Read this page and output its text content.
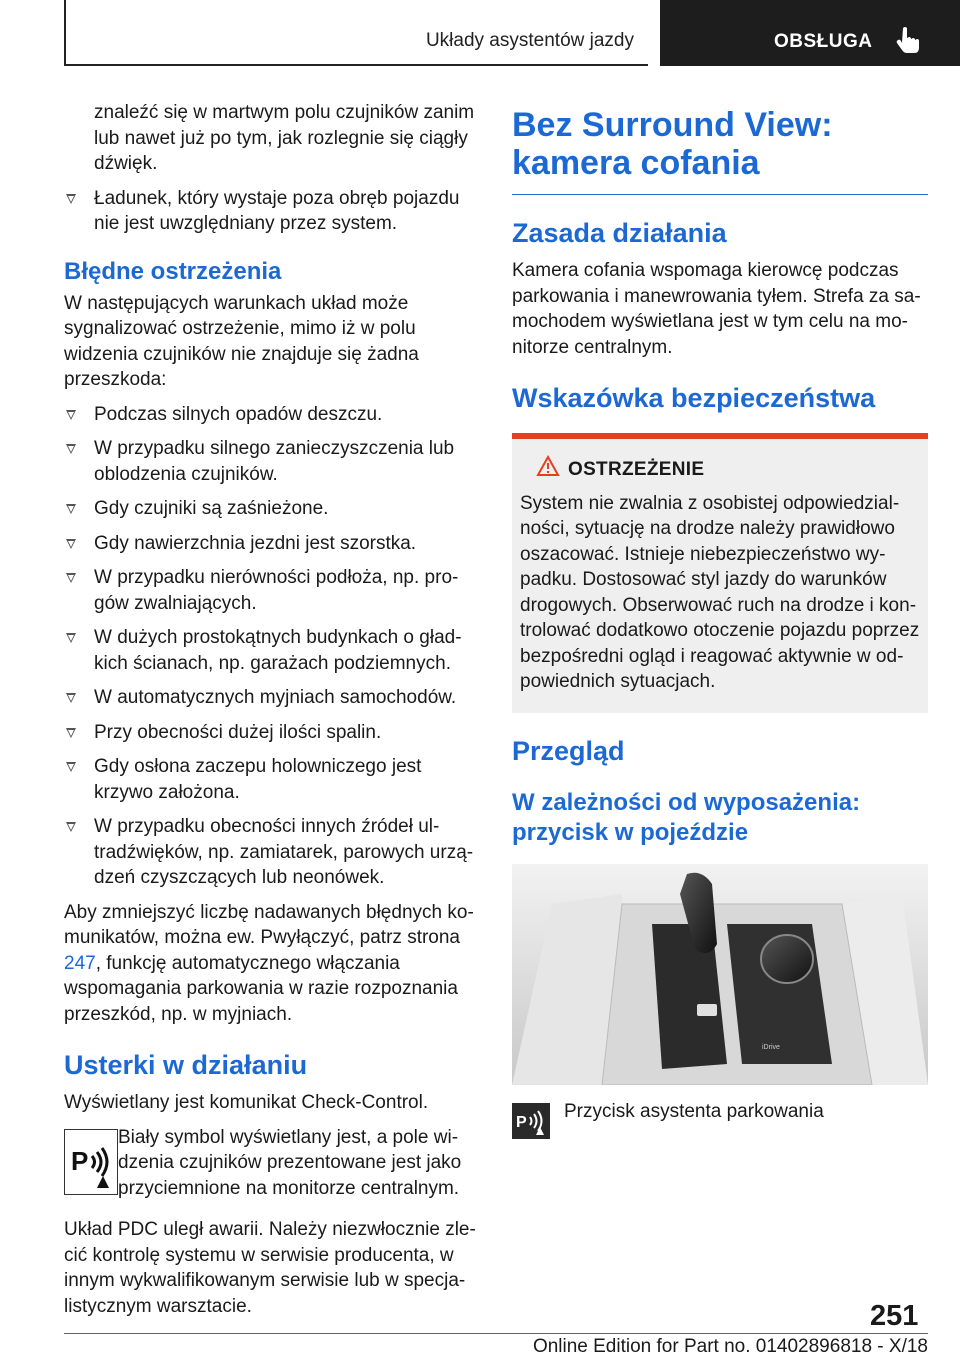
Układy asystentów jazdy	OBSŁUGA
znaleźć się w martwym polu czujników zanim lub nawet już po tym, jak rozlegnie się ciągły dźwięk.
Ładunek, który wystaje poza obręb pojazdu nie jest uwzględniany przez system.
Błędne ostrzeżenia

W następujących warunkach układ może sygnalizować ostrzeżenie, mimo iż w polu widzenia czujników nie znajduje się żadna przeszkoda:

Podczas silnych opadów deszczu.
W przypadku silnego zanieczyszczenia lub oblodzenia czujników.
Gdy czujniki są zaśnieżone.
Gdy nawierzchnia jezdni jest szorstka.
W przypadku nierówności podłoża, np. progów zwalniających.
W dużych prostokątnych budynkach o gładkich ścianach, np. garażach podziemnych.
W automatycznych myjniach samochodów.
Przy obecności dużej ilości spalin.
Gdy osłona zaczepu holowniczego jest krzywo założona.
W przypadku obecności innych źródeł ultradźwięków, np. zamiatarek, parowych urządzeń czyszczących lub neonówek.

Aby zmniejszyć liczbę nadawanych błędnych komunikatów, można ew. Pwyłączyć, patrz strona 247, funkcję automatycznego włączania wspomagania parkowania w razie rozpoznania przeszkód, np. w myjniach.

Usterki w działaniu

Wyświetlany jest komunikat Check-Control.

P
Biały symbol wyświetlany jest, a pole widzenia czujników prezentowane jest jako przyciemnione na monitorze centralnym.

Układ PDC uległ awarii. Należy niezwłocznie zlecić kontrolę systemu w serwisie producenta, w innym wykwalifikowanym serwisie lub w specjalistycznym warsztacie.

Bez Surround View: kamera cofania
Zasada działania

Kamera cofania wspomaga kierowcę podczas parkowania i manewrowania tyłem. Strefa za samochodem wyświetlana jest w tym celu na monitorze centralnym.

Wskazówka bezpieczeństwa
OSTRZEŻENIE
System nie zwalnia z osobistej odpowiedzialności, sytuację na drodze należy prawidłowo oszacować. Istnieje niebezpieczeństwo wypadku. Dostosować styl jazdy do warunków drogowych. Obserwować ruch na drodze i kontrolować dodatkowo otoczenie pojazdu poprzez bezpośredni ogląd i reagować aktywnie w odpowiednich sytuacjach.
Przegląd
W zależności od wyposażenia: przycisk w pojeździe
iDrive
P
Przycisk asystenta parkowania
251
Online Edition for Part no. 01402896818 - X/18
